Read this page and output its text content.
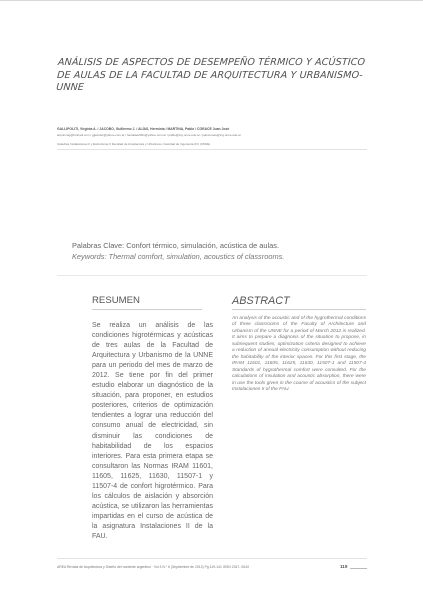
ANÁLISIS DE ASPECTOS DE DESEMPEÑO TÉRMICO Y ACÚSTICO DE AULAS DE LA FACULTAD DE ARQUITECTURA Y URBANISMO-UNNE
GALLIPOLITI, Virginia A. / JACOBO, Guillermo J. / ALÍAS, Herminia / MARTINA, Pablo / CORACE Juan José
arqvirmag@hotmail.com / gjjacobo@yahoo.com.ar / herialias2001@yahoo.com.ar / pablo@ing.unne.edu.ar / juancorace@ing.unne.edu.ar
Cátedras Instalaciones II y Estructuras II Facultad de Arquitectura y Urbanismo, Facultad de Ingeniería (FI) (UNNE)
Palabras Clave: Confort térmico, simulación, acústica de aulas.
Keywords: Thermal comfort, simulation, acoustics of classrooms.
RESUMEN

Se realiza un análisis de las condiciones higrotérmicas y acústicas de tres aulas de la Facultad de Arquitectura y Urbanismo de la UNNE para un periodo del mes de marzo de 2012. Se tiene por fin del primer estudio elaborar un diagnóstico de la situación, para proponer, en estudios posteriores, criterios de optimización tendientes a lograr una reducción del consumo anual de electricidad, sin disminuir las condiciones de habitabilidad de los espacios interiores. Para esta primera etapa se consultaron las Normas IRAM 11601, 11605, 11625, 11630, 11507-1 y 11507-4 de confort higrotérmico. Para los cálculos de aislación y absorción acústica, se utilizaron las herramientas impartidas en el curso de acústica de la asignatura Instalaciones II de la FAU.

ABSTRACT

An analysis of the acoustic and of the hygrothermal conditions of three classrooms of the Faculty of Architecture and Urbanism of the UNNE for a period of March 2012 is realized. It aims to prepare a diagnosis of the situation to propose, in subsequent studies, optimization criteria designed to achieve a reduction of annual electricity consumption without reducing the habitability of the interior spaces. For this first stage, the IRAM 11601, 11605, 11625, 11630, 11507-1 and 11507-4 Standards of hygrothermal comfort were consulted. For the calculations of insulation and acoustic absorption, there were in use the tools given in the course of acoustics of the subject Instalaciones II of the FAU.

AREA Revista de Arquitectura y Diseño del nordeste argentino · Vol 3 N.° 6 (Septiembre de 2013) Pg.119-141 ISSN 2347- 064X	119
